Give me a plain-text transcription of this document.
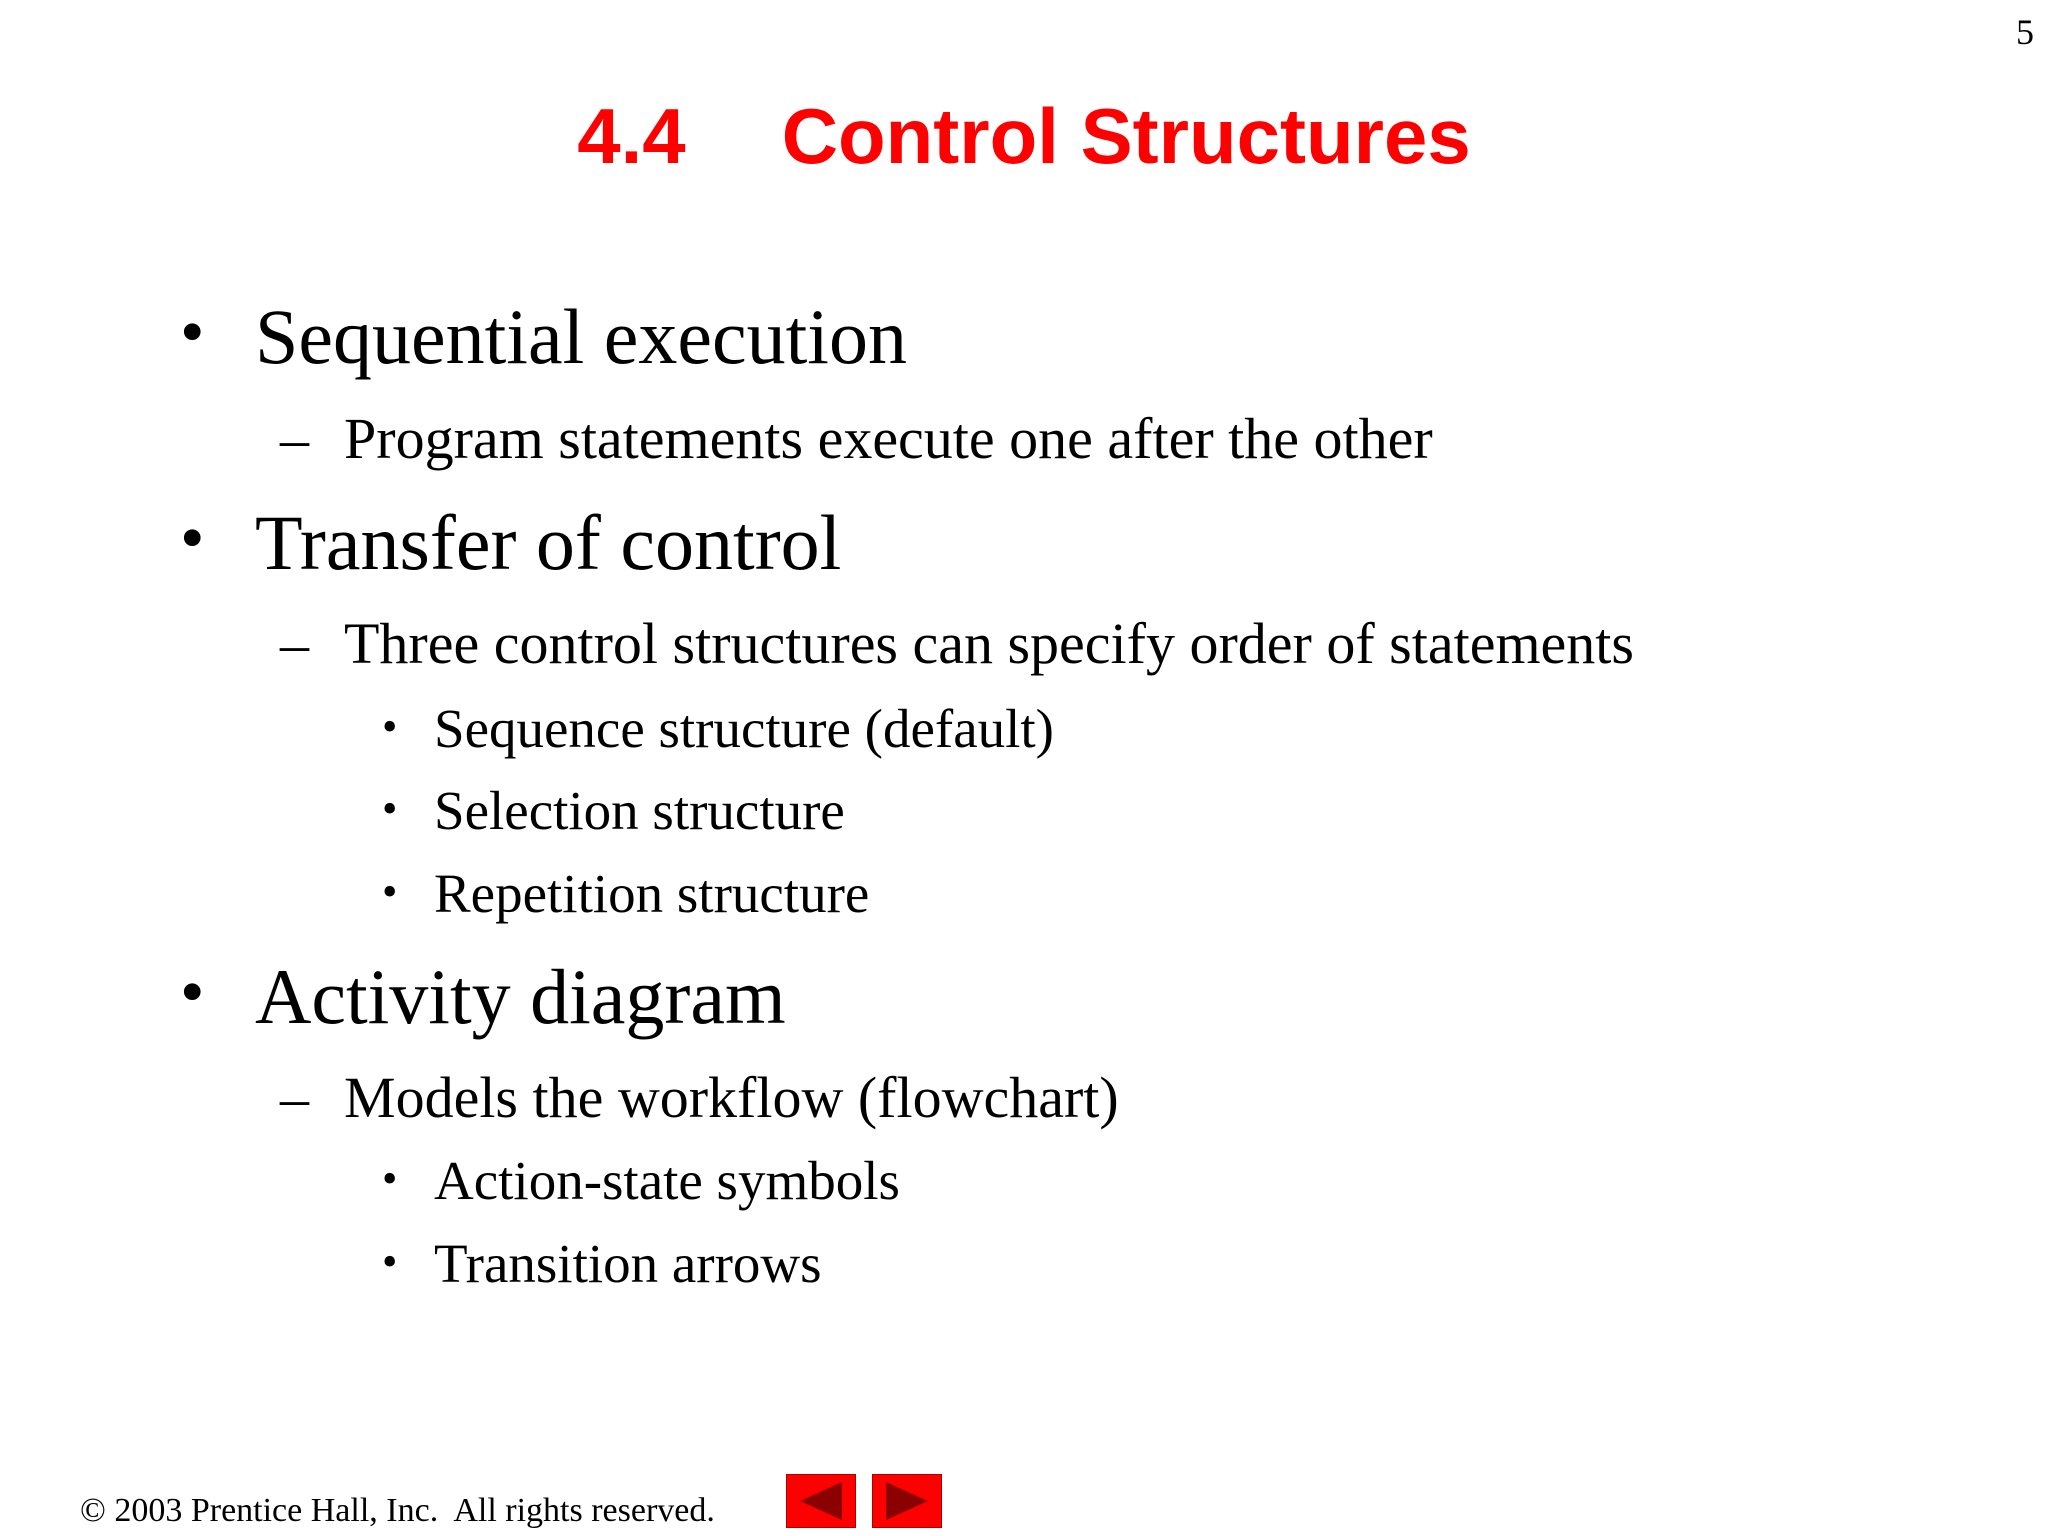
5
4.4 Control Structures
• Sequential execution
– Program statements execute one after the other
• Transfer of control
– Three control structures can specify order of statements
• Sequence structure (default)
• Selection structure
• Repetition structure
• Activity diagram
– Models the workflow (flowchart)
• Action-state symbols
• Transition arrows
© 2003 Prentice Hall, Inc.  All rights reserved.
